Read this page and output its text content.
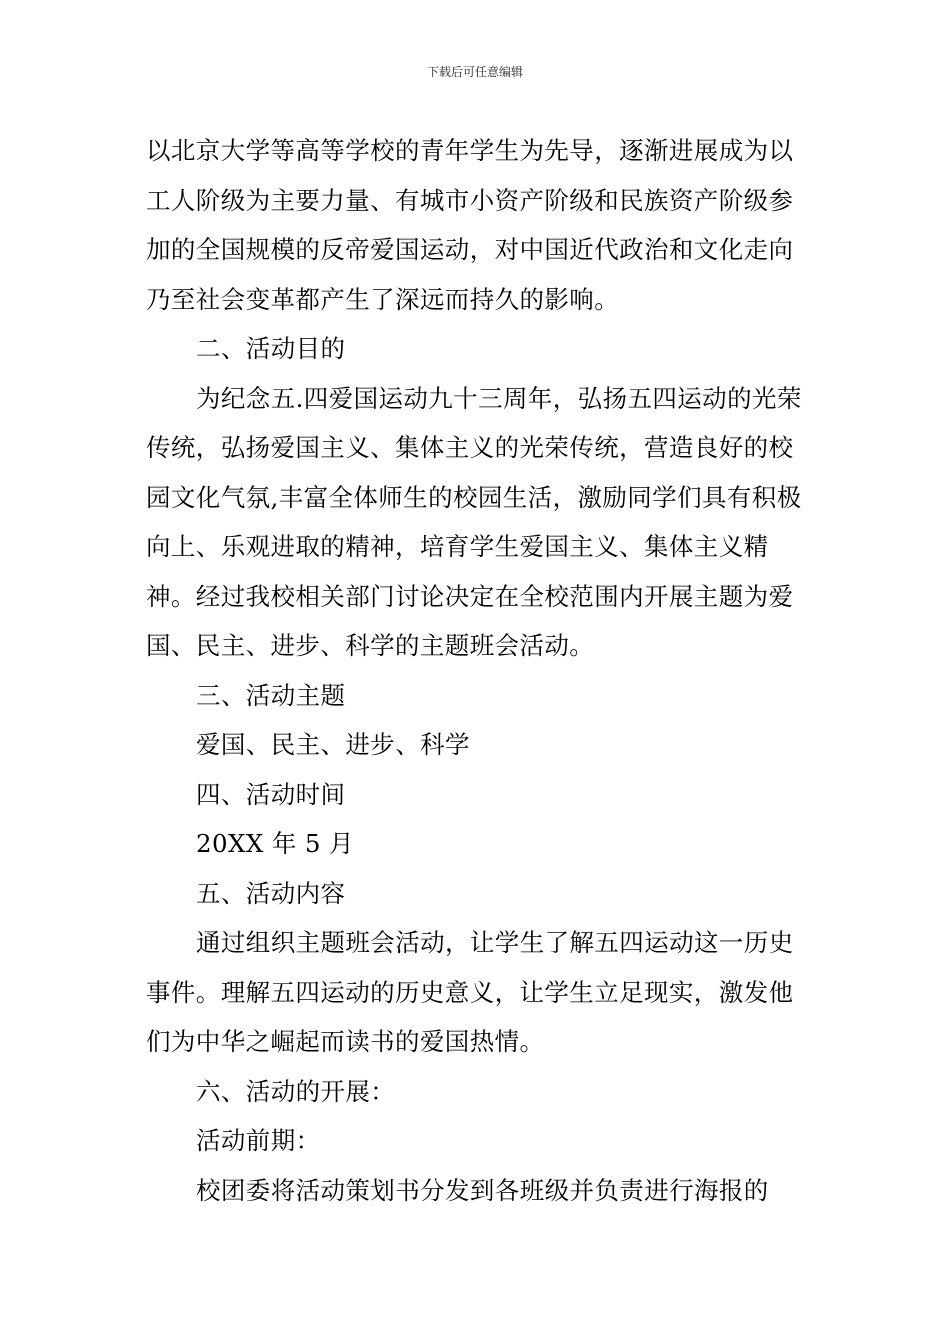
下载后可任意编辑

以北京大学等高等学校的青年学生为先导，逐渐进展成为以工人阶级为主要力量、有城市小资产阶级和民族资产阶级参加的全国规模的反帝爱国运动，对中国近代政治和文化走向乃至社会变革都产生了深远而持久的影响。

二、活动目的

为纪念五.四爱国运动九十三周年，弘扬五四运动的光荣传统，弘扬爱国主义、集体主义的光荣传统，营造良好的校园文化气氛,丰富全体师生的校园生活，激励同学们具有积极向上、乐观进取的精神，培育学生爱国主义、集体主义精神。经过我校相关部门讨论决定在全校范围内开展主题为爱国、民主、进步、科学的主题班会活动。

三、活动主题

爱国、民主、进步、科学

四、活动时间

20XX 年 5 月

五、活动内容

通过组织主题班会活动，让学生了解五四运动这一历史事件。理解五四运动的历史意义，让学生立足现实，激发他们为中华之崛起而读书的爱国热情。

六、活动的开展：

活动前期：

校团委将活动策划书分发到各班级并负责进行海报的
